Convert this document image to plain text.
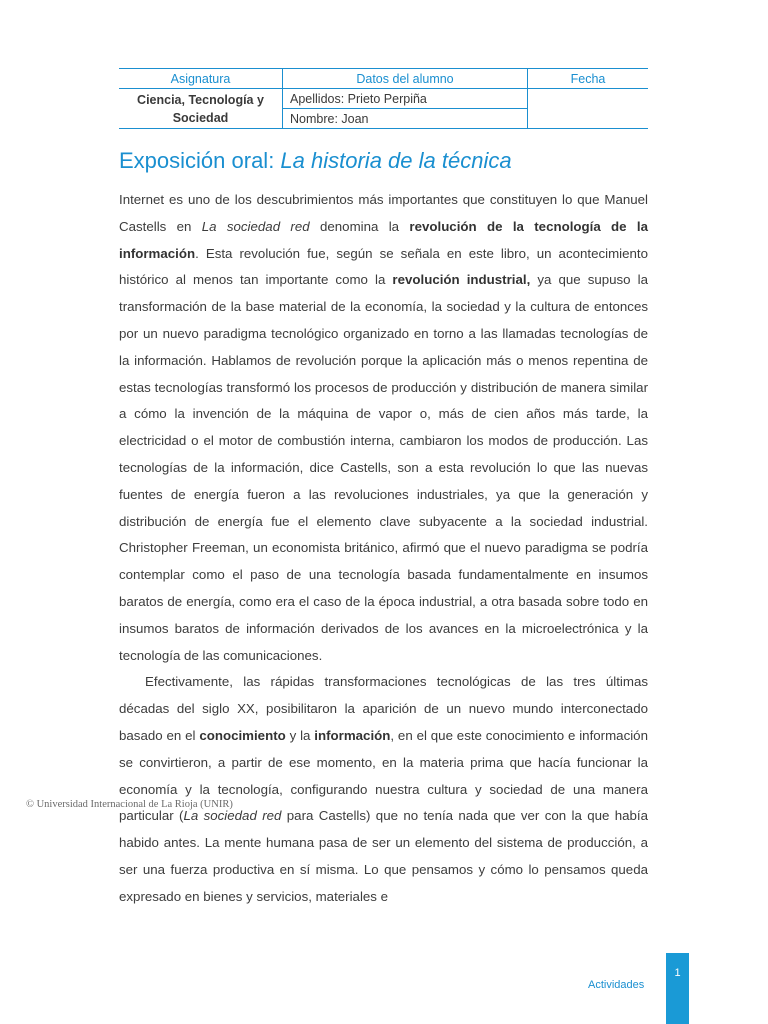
Asignatura	Datos del alumno	Fecha
Ciencia, Tecnología y
Sociedad	Apellidos: Prieto Perpiña	
	Nombre: Joan	
Exposición oral: La historia de la técnica

Internet es uno de los descubrimientos más importantes que constituyen lo que Manuel Castells en La sociedad red denomina la revolución de la tecnología de la información. Esta revolución fue, según se señala en este libro, un acontecimiento histórico al menos tan importante como la revolución industrial, ya que supuso la transformación de la base material de la economía, la sociedad y la cultura de entonces por un nuevo paradigma tecnológico organizado en torno a las llamadas tecnologías de la información. Hablamos de revolución porque la aplicación más o menos repentina de estas tecnologías transformó los procesos de producción y distribución de manera similar a cómo la invención de la máquina de vapor o, más de cien años más tarde, la electricidad o el motor de combustión interna, cambiaron los modos de producción. Las tecnologías de la información, dice Castells, son a esta revolución lo que las nuevas fuentes de energía fueron a las revoluciones industriales, ya que la generación y distribución de energía fue el elemento clave subyacente a la sociedad industrial. Christopher Freeman, un economista británico, afirmó que el nuevo paradigma se podría contemplar como el paso de una tecnología basada fundamentalmente en insumos baratos de energía, como era el caso de la época industrial, a otra basada sobre todo en insumos baratos de información derivados de los avances en la microelectrónica y la tecnología de las comunicaciones.

Efectivamente, las rápidas transformaciones tecnológicas de las tres últimas décadas del siglo XX, posibilitaron la aparición de un nuevo mundo interconectado basado en el conocimiento y la información, en el que este conocimiento e información se convirtieron, a partir de ese momento, en la materia prima que hacía funcionar la economía y la tecnología, configurando nuestra cultura y sociedad de una manera particular (La sociedad red para Castells) que no tenía nada que ver con la que había habido antes. La mente humana pasa de ser un elemento del sistema de producción, a ser una fuerza productiva en sí misma. Lo que pensamos y cómo lo pensamos queda expresado en bienes y servicios, materiales e

© Universidad Internacional de La Rioja (UNIR)
Actividades
1
